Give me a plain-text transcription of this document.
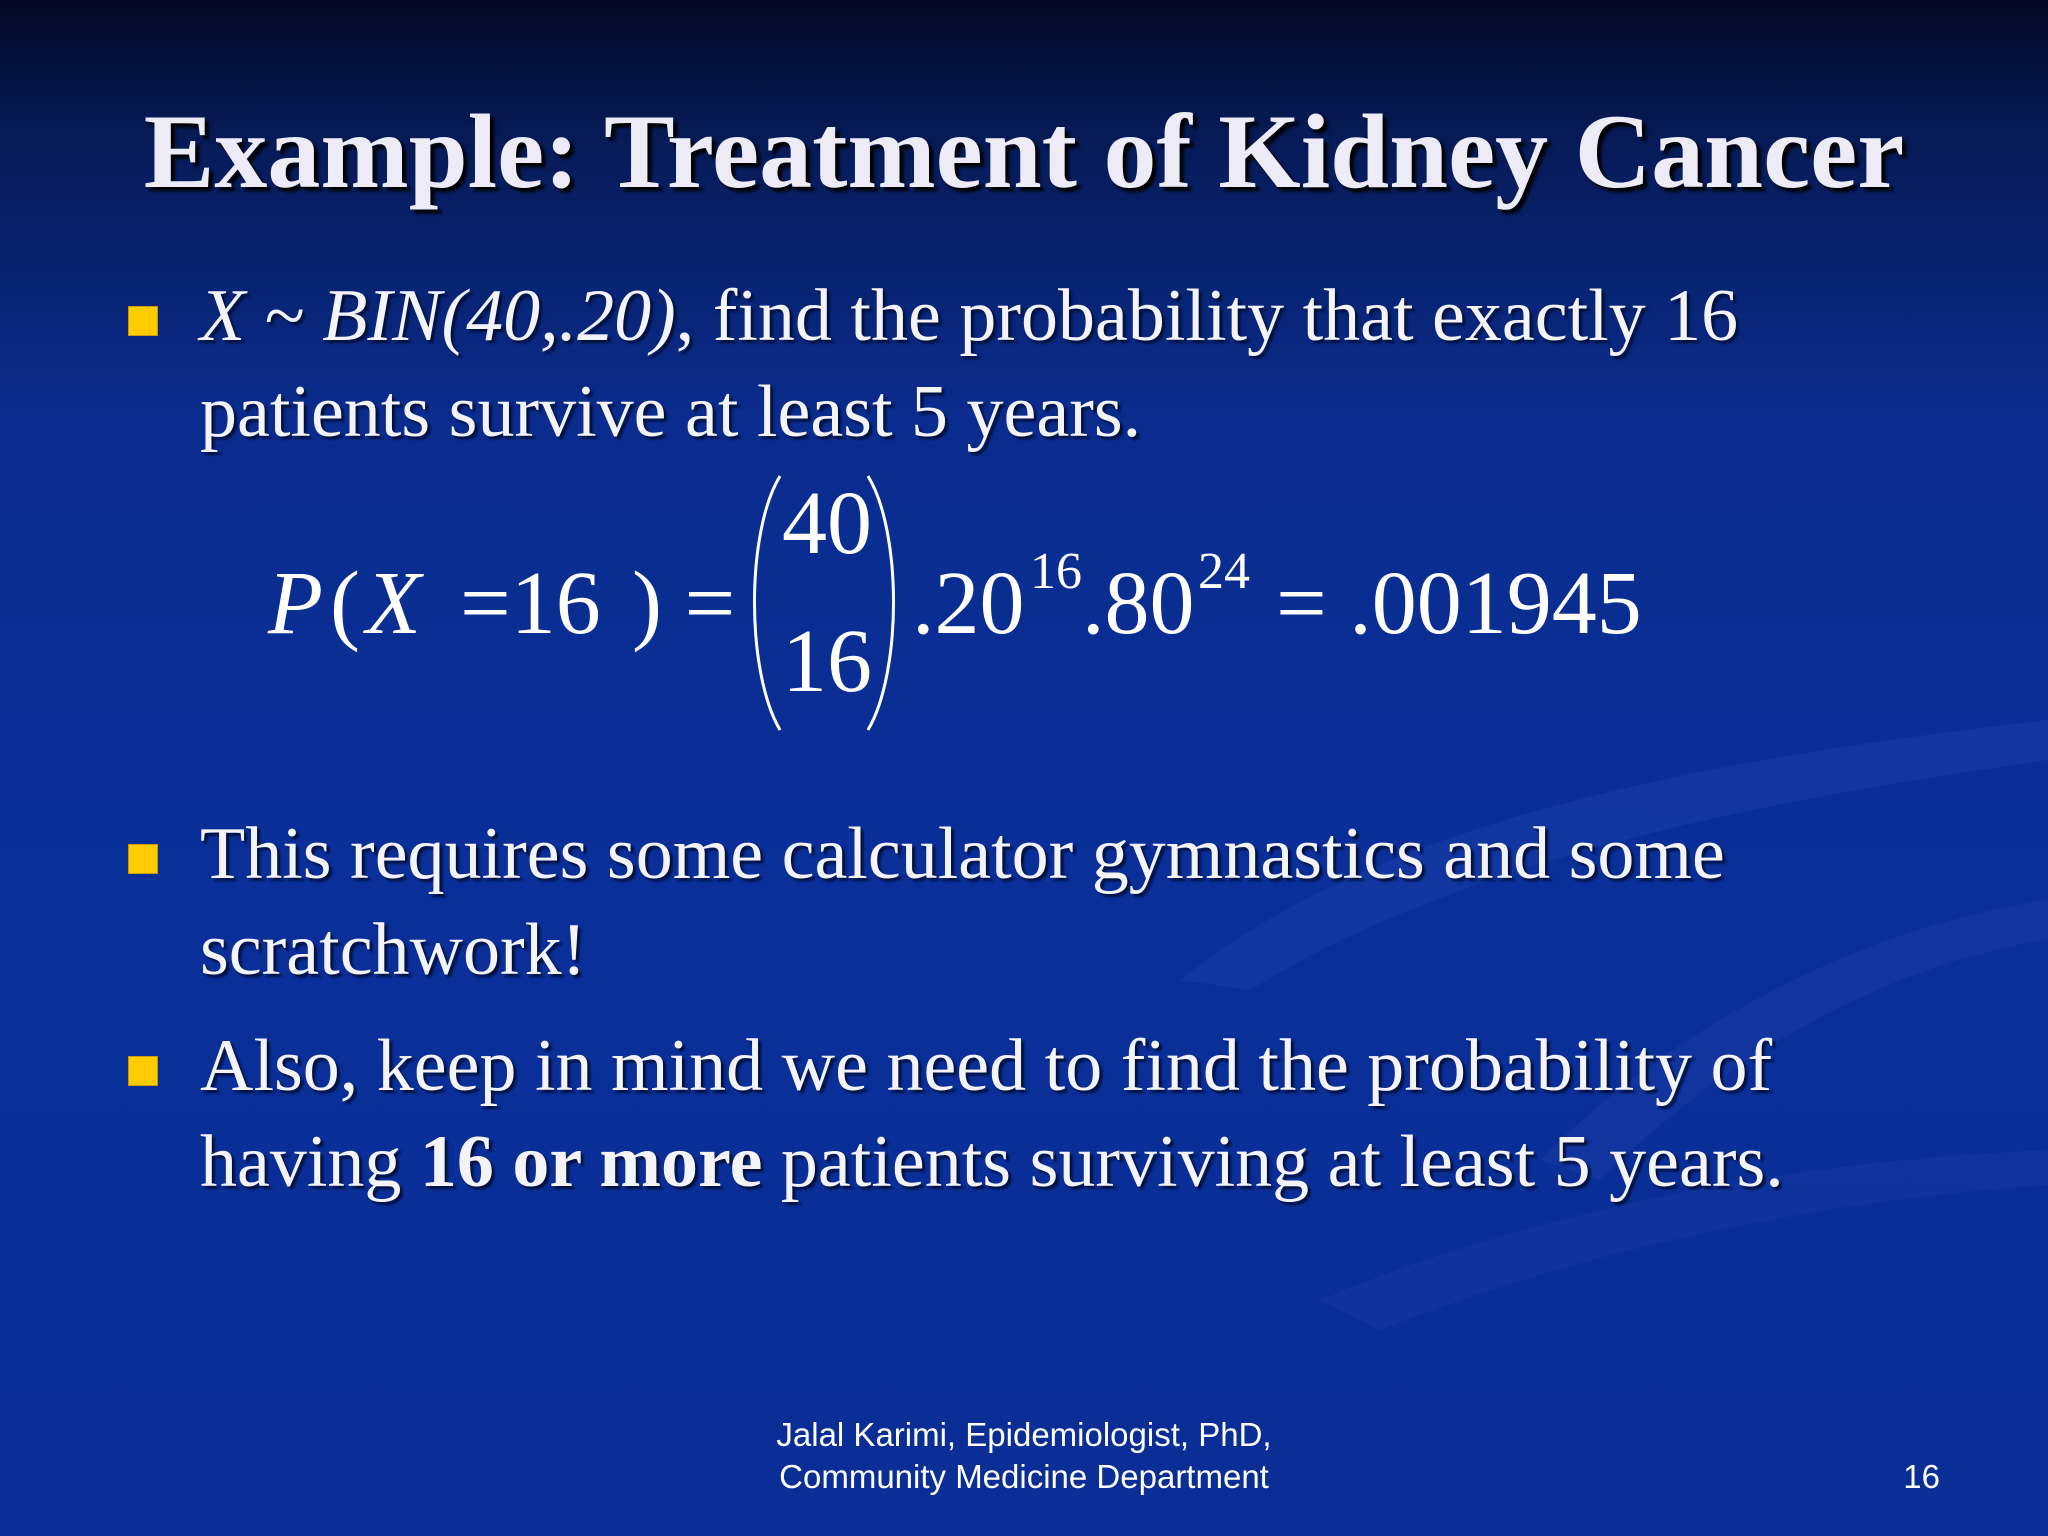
Example: Treatment of Kidney Cancer
X ~ BIN(40,.20), find the probability that exactly 16 patients survive at least 5 years.
P ( X =16 ) =
40
16
.20 16 .80 24 = .001945
This requires some calculator gymnastics and some scratchwork!
Also, keep in mind we need to find the probability of having 16 or more patients surviving at least 5 years.
Jalal Karimi, Epidemiologist, PhD,
Community Medicine Department	16
